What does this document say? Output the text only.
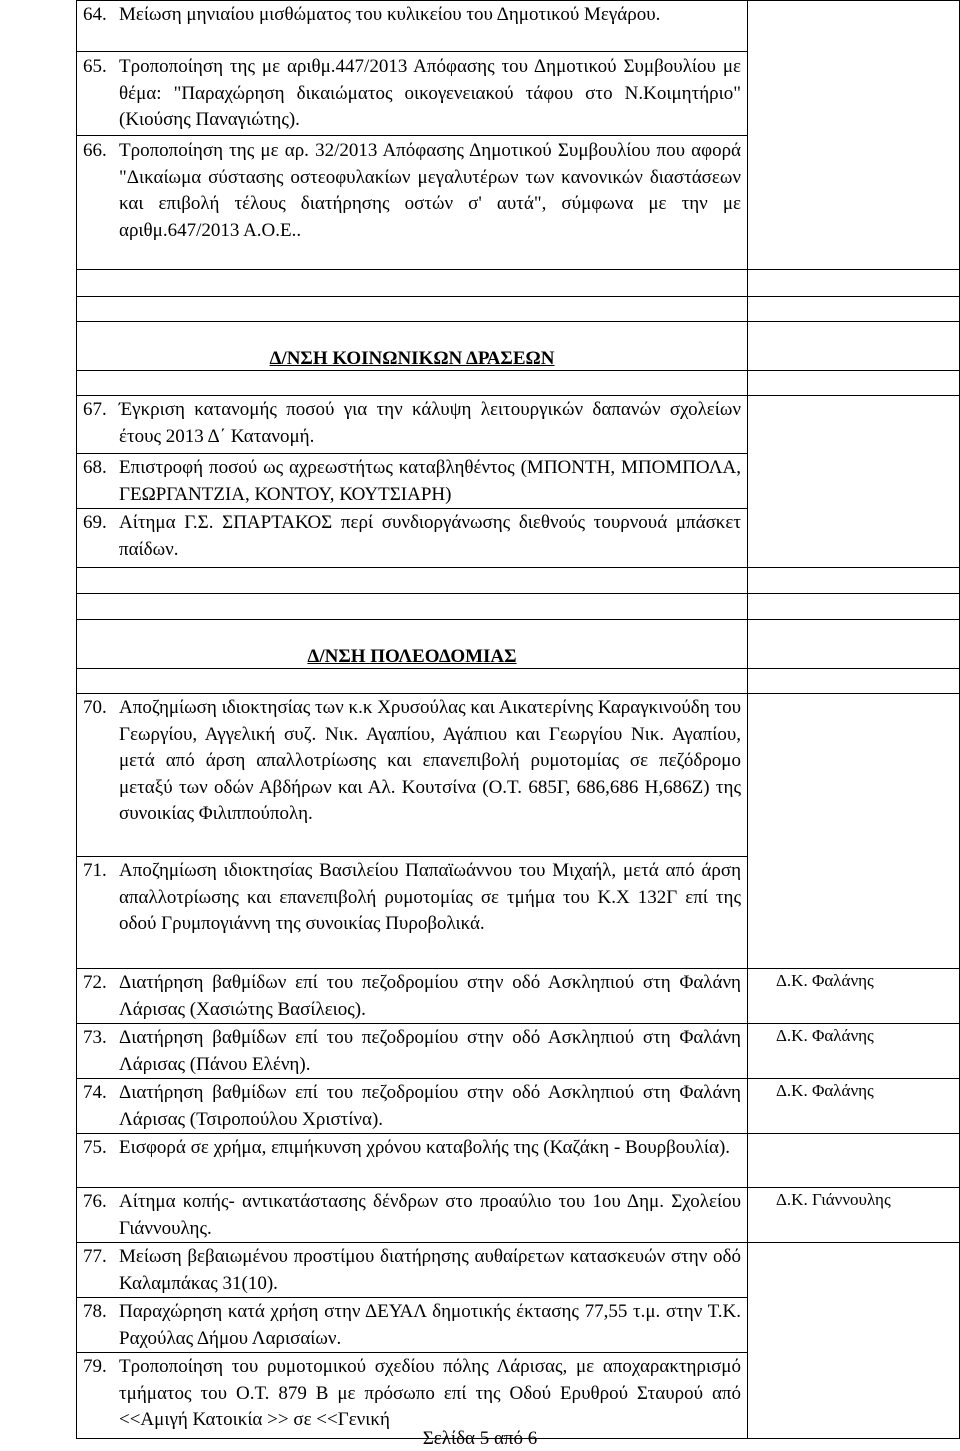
64. Μείωση μηνιαίου μισθώματος του κυλικείου του Δημοτικού Μεγάρου.	

65. Τροποποίηση της με αριθμ.447/2013 Απόφασης του Δημοτικού Συμβουλίου με θέμα: "Παραχώρηση δικαιώματος οικογενειακού τάφου στο Ν.Κοιμητήριο" (Κιούσης Παναγιώτης).	

66. Τροποποίηση της με αρ. 32/2013 Απόφασης Δημοτικού Συμβουλίου που αφορά "Δικαίωμα σύστασης οστεοφυλακίων μεγαλυτέρων των κανονικών διαστάσεων και επιβολή τέλους διατήρησης οστών σ' αυτά", σύμφωνα με την με αριθμ.647/2013 Α.Ο.Ε..	

Δ/ΝΣΗ ΚΟΙΝΩΝΙΚΩΝ ΔΡΑΣΕΩΝ	

67. Έγκριση κατανομής ποσού για την κάλυψη λειτουργικών δαπανών σχολείων έτους 2013 Δ΄ Κατανομή.	

68. Επιστροφή ποσού ως αχρεωστήτως καταβληθέντος (ΜΠΟΝΤΗ, ΜΠΟΜΠΟΛΑ, ΓΕΩΡΓΑΝΤΖΙΑ, ΚΟΝΤΟΥ, ΚΟΥΤΣΙΑΡΗ)	

69. Αίτημα Γ.Σ. ΣΠΑΡΤΑΚΟΣ περί συνδιοργάνωσης διεθνούς τουρνουά μπάσκετ παίδων.	

Δ/ΝΣΗ ΠΟΛΕΟΔΟΜΙΑΣ	

70. Αποζημίωση ιδιοκτησίας των κ.κ Χρυσούλας και Αικατερίνης Καραγκινούδη του Γεωργίου, Αγγελική συζ. Νικ. Αγαπίου, Αγάπιου και Γεωργίου Νικ. Αγαπίου, μετά από άρση απαλλοτρίωσης και επανεπιβολή ρυμοτομίας σε πεζόδρομο μεταξύ των οδών Αβδήρων και Αλ. Κουτσίνα (Ο.Τ. 685Γ, 686,686 Η,686Ζ) της συνοικίας Φιλιππούπολη.	

71. Αποζημίωση ιδιοκτησίας Βασιλείου Παπαϊωάννου του Μιχαήλ, μετά από άρση απαλλοτρίωσης και επανεπιβολή ρυμοτομίας σε τμήμα του Κ.Χ 132Γ επί της οδού Γρυμπογιάννη της συνοικίας Πυροβολικά.	

72. Διατήρηση βαθμίδων επί του πεζοδρομίου στην οδό Ασκληπιού στη Φαλάνη Λάρισας (Χασιώτης Βασίλειος).	Δ.Κ. Φαλάνης

73. Διατήρηση βαθμίδων επί του πεζοδρομίου στην οδό Ασκληπιού στη Φαλάνη Λάρισας (Πάνου Ελένη).	Δ.Κ. Φαλάνης

74. Διατήρηση βαθμίδων επί του πεζοδρομίου στην οδό Ασκληπιού στη Φαλάνη Λάρισας (Τσιροπούλου Χριστίνα).	Δ.Κ. Φαλάνης

75. Εισφορά σε χρήμα, επιμήκυνση χρόνου καταβολής της (Καζάκη - Βουρβουλία).	

76. Αίτημα κοπής- αντικατάστασης δένδρων στο προαύλιο του 1ου Δημ. Σχολείου Γιάννουλης.	Δ.Κ. Γιάννουλης

77. Μείωση βεβαιωμένου προστίμου διατήρησης αυθαίρετων κατασκευών στην οδό Καλαμπάκας 31(10).	

78. Παραχώρηση κατά χρήση στην ΔΕΥΑΛ δημοτικής έκτασης 77,55 τ.μ. στην Τ.Κ. Ραχούλας Δήμου Λαρισαίων.	

79. Τροποποίηση του ρυμοτομικού σχεδίου πόλης Λάρισας, με αποχαρακτηρισμό τμήματος του Ο.Τ. 879 Β με πρόσωπο επί της Οδού Ερυθρού Σταυρού από <<Αμιγή Κατοικία >> σε <<Γενική	
Σελίδα 5 από 6
